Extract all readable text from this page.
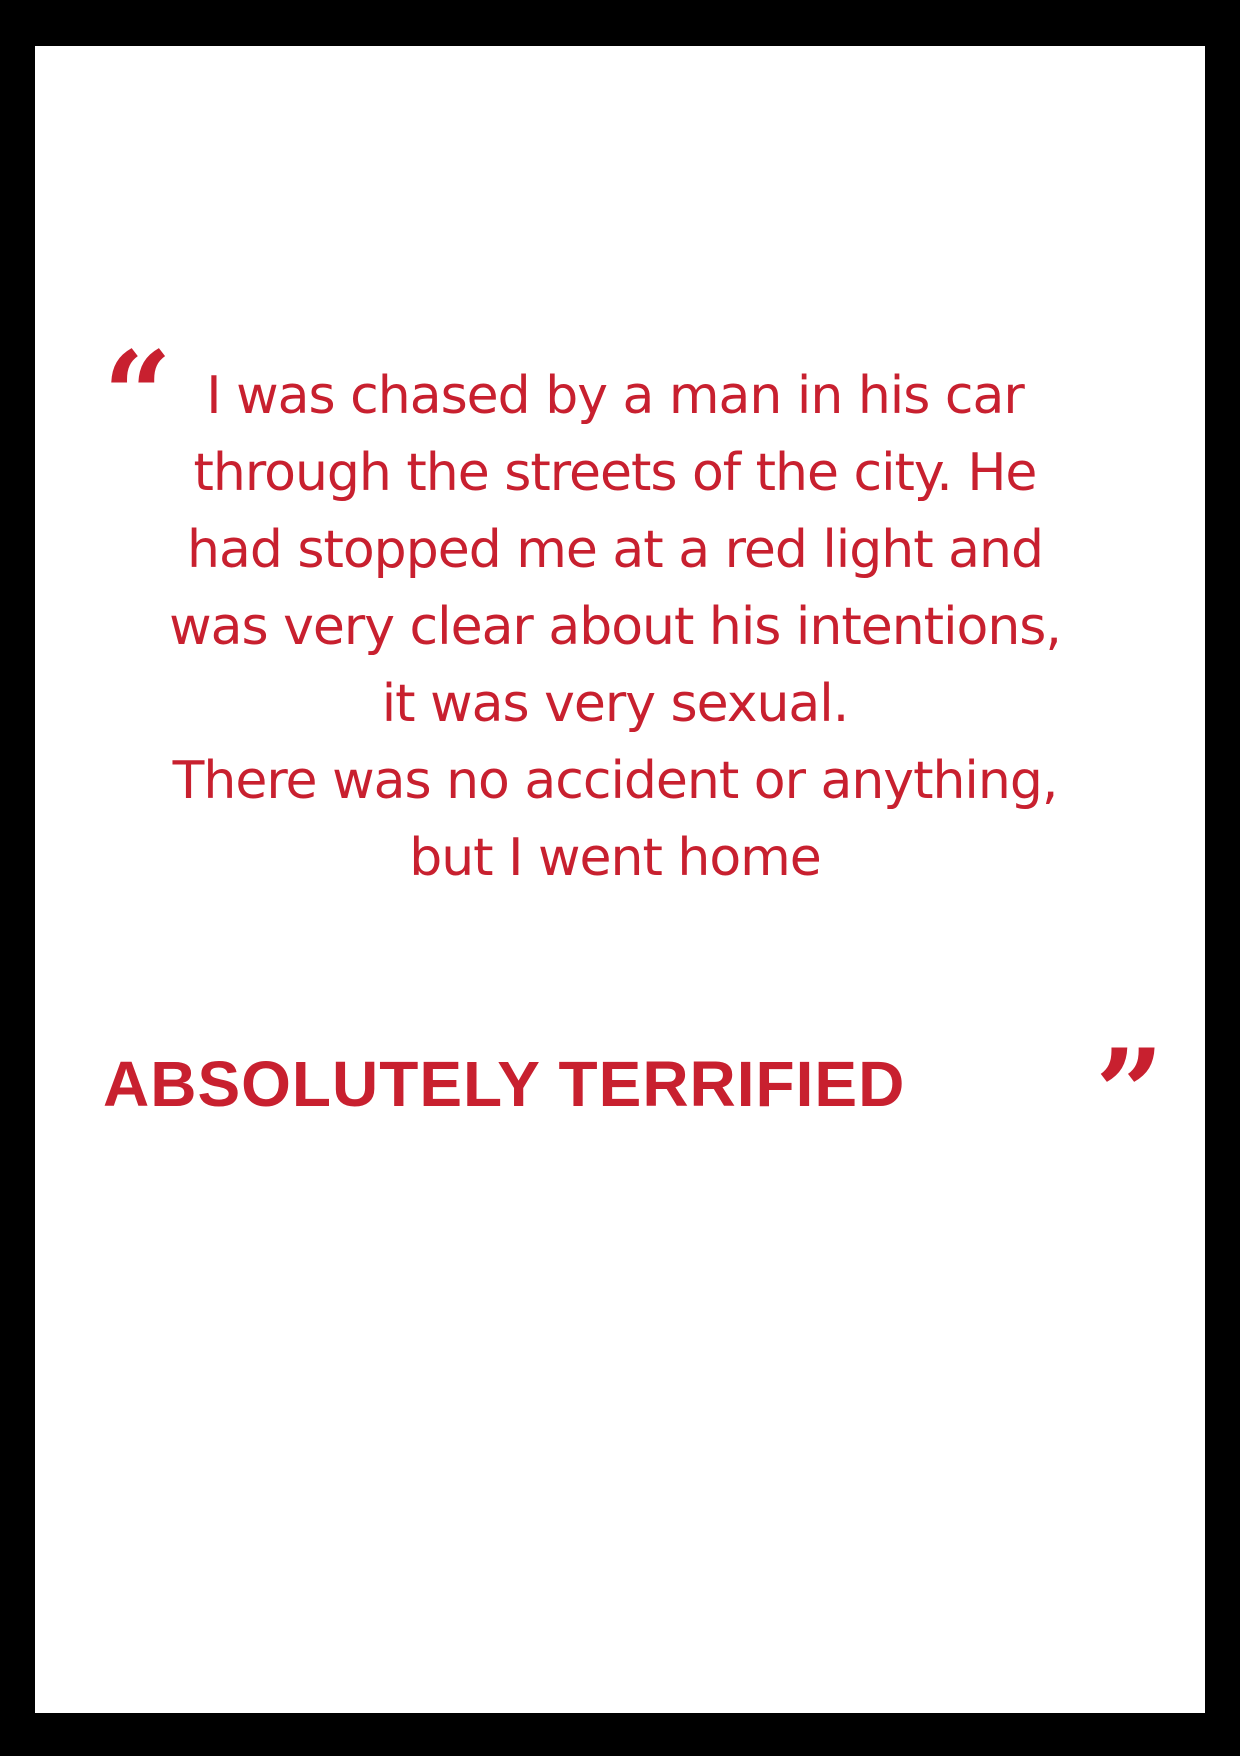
“ I was chased by a man in his car
through the streets of the city. He
had stopped me at a red light and
was very clear about his intentions,
it was very sexual.
There was no accident or anything,
but I went home

ABSOLUTELY TERRIFIED ”
